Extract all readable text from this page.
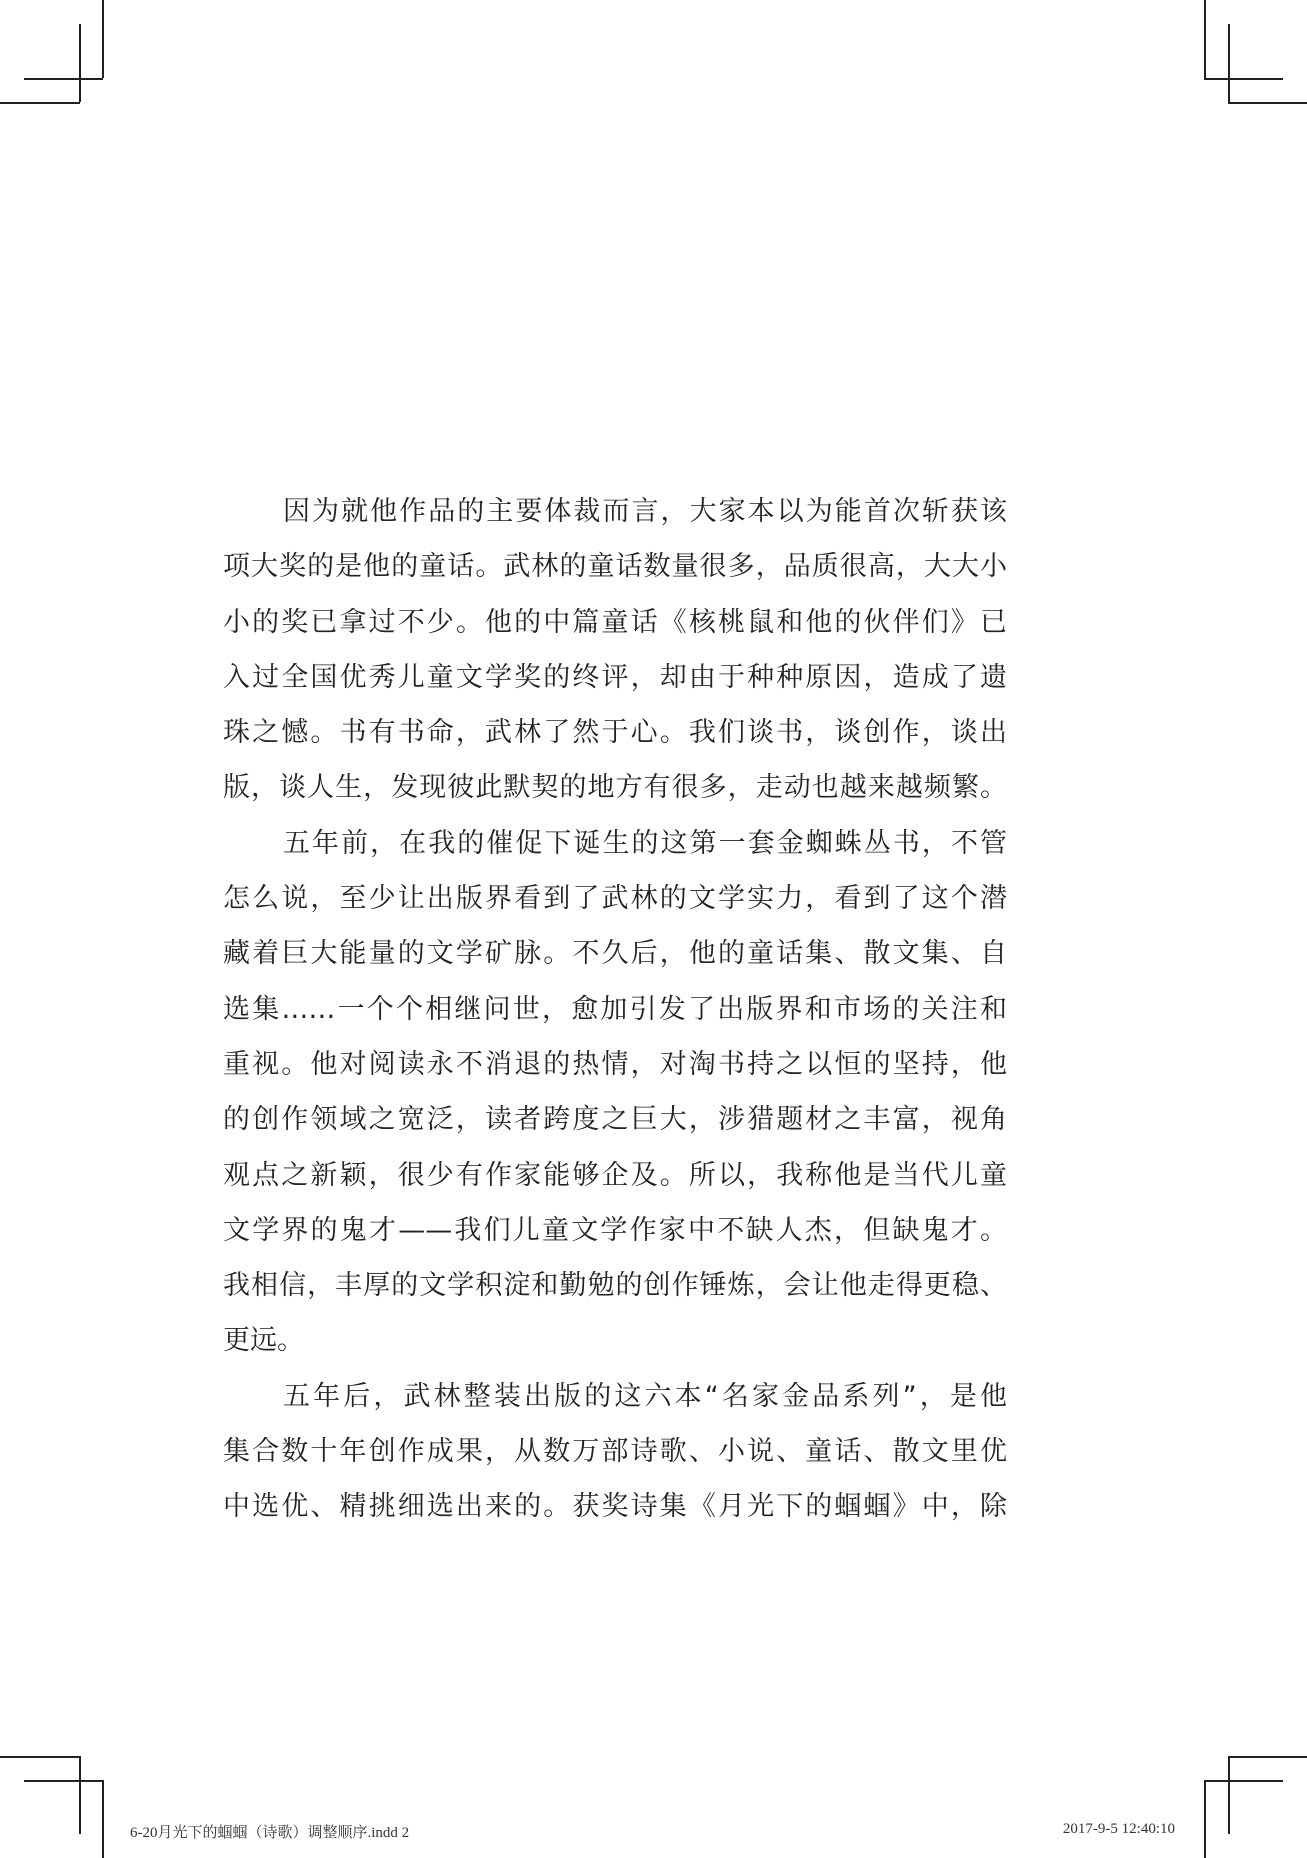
因为就他作品的主要体裁而言，大家本以为能首次斩获该
项大奖的是他的童话。武林的童话数量很多，品质很高，大大小
小的奖已拿过不少。他的中篇童话《核桃鼠和他的伙伴们》已
入过全国优秀儿童文学奖的终评，却由于种种原因，造成了遗
珠之憾。书有书命，武林了然于心。我们谈书，谈创作，谈出
版，谈人生，发现彼此默契的地方有很多，走动也越来越频繁。
五年前，在我的催促下诞生的这第一套金蜘蛛丛书，不管
怎么说，至少让出版界看到了武林的文学实力，看到了这个潜
藏着巨大能量的文学矿脉。不久后，他的童话集、散文集、自
选集……一个个相继问世，愈加引发了出版界和市场的关注和
重视。他对阅读永不消退的热情，对淘书持之以恒的坚持，他
的创作领域之宽泛，读者跨度之巨大，涉猎题材之丰富，视角
观点之新颖，很少有作家能够企及。所以，我称他是当代儿童
文学界的鬼才——我们儿童文学作家中不缺人杰，但缺鬼才。
我相信，丰厚的文学积淀和勤勉的创作锤炼，会让他走得更稳、
更远。
五年后，武林整装出版的这六本“名家金品系列”，是他
集合数十年创作成果，从数万部诗歌、小说、童话、散文里优
中选优、精挑细选出来的。获奖诗集《月光下的蝈蝈》中，除
6-20月光下的蝈蝈（诗歌）调整顺序.indd 2	2017-9-5 12:40:10
